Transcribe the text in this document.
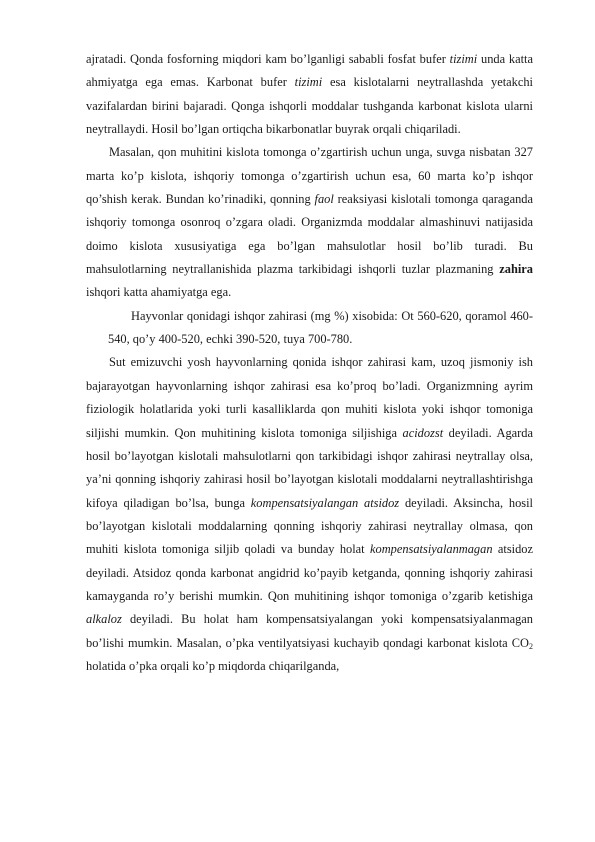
ajratadi. Qonda fosforning miqdori kam bo’lganligi sababli fosfat bufer tizimi unda katta ahmiyatga ega emas. Karbonat bufer tizimi esa kislotalarni neytrallashda yetakchi vazifalardan birini bajaradi. Qonga ishqorli moddalar tushganda karbonat kislota ularni neytrallaydi. Hosil bo’lgan ortiqcha bikarbonatlar buyrak orqali chiqariladi.

Masalan, qon muhitini kislota tomonga o’zgartirish uchun unga, suvga nisbatan 327 marta ko’p kislota, ishqoriy tomonga o’zgartirish uchun esa, 60 marta ko’p ishqor qo’shish kerak. Bundan ko’rinadiki, qonning faol reaksiyasi kislotali tomonga qaraganda ishqoriy tomonga osonroq o’zgara oladi. Organizmda moddalar almashinuvi natijasida doimo kislota xususiyatiga ega bo’lgan mahsulotlar hosil bo’lib turadi. Bu mahsulotlarning neytrallanishida plazma tarkibidagi ishqorli tuzlar plazmaning zahira ishqori katta ahamiyatga ega.

Hayvonlar qonidagi ishqor zahirasi (mg %) xisobida: Ot 560-620, qoramol 460-540, qo’y 400-520, echki 390-520, tuya 700-780.

Sut emizuvchi yosh hayvonlarning qonida ishqor zahirasi kam, uzoq jismoniy ish bajarayotgan hayvonlarning ishqor zahirasi esa ko’proq bo’ladi. Organizmning ayrim fiziologik holatlarida yoki turli kasalliklarda qon muhiti kislota yoki ishqor tomoniga siljishi mumkin. Qon muhitining kislota tomoniga siljishiga acidozst deyiladi. Agarda hosil bo’layotgan kislotali mahsulotlarni qon tarkibidagi ishqor zahirasi neytrallay olsa, ya’ni qonning ishqoriy zahirasi hosil bo’layotgan kislotali moddalarni neytrallashtirishga kifoya qiladigan bo’lsa, bunga kompensatsiyalangan atsidoz deyiladi. Aksincha, hosil bo’layotgan kislotali moddalarning qonning ishqoriy zahirasi neytrallay olmasa, qon muhiti kislota tomoniga siljib qoladi va bunday holat kompensatsiyalanmagan atsidoz deyiladi. Atsidoz qonda karbonat angidrid ko’payib ketganda, qonning ishqoriy zahirasi kamayganda ro’y berishi mumkin. Qon muhitining ishqor tomoniga o’zgarib ketishiga alkaloz deyiladi. Bu holat ham kompensatsiyalangan yoki kompensatsiyalanmagan bo’lishi mumkin. Masalan, o’pka ventilyatsiyasi kuchayib qondagi karbonat kislota $CO_2$ holatida o’pka orqali ko’p miqdorda chiqarilganda,
